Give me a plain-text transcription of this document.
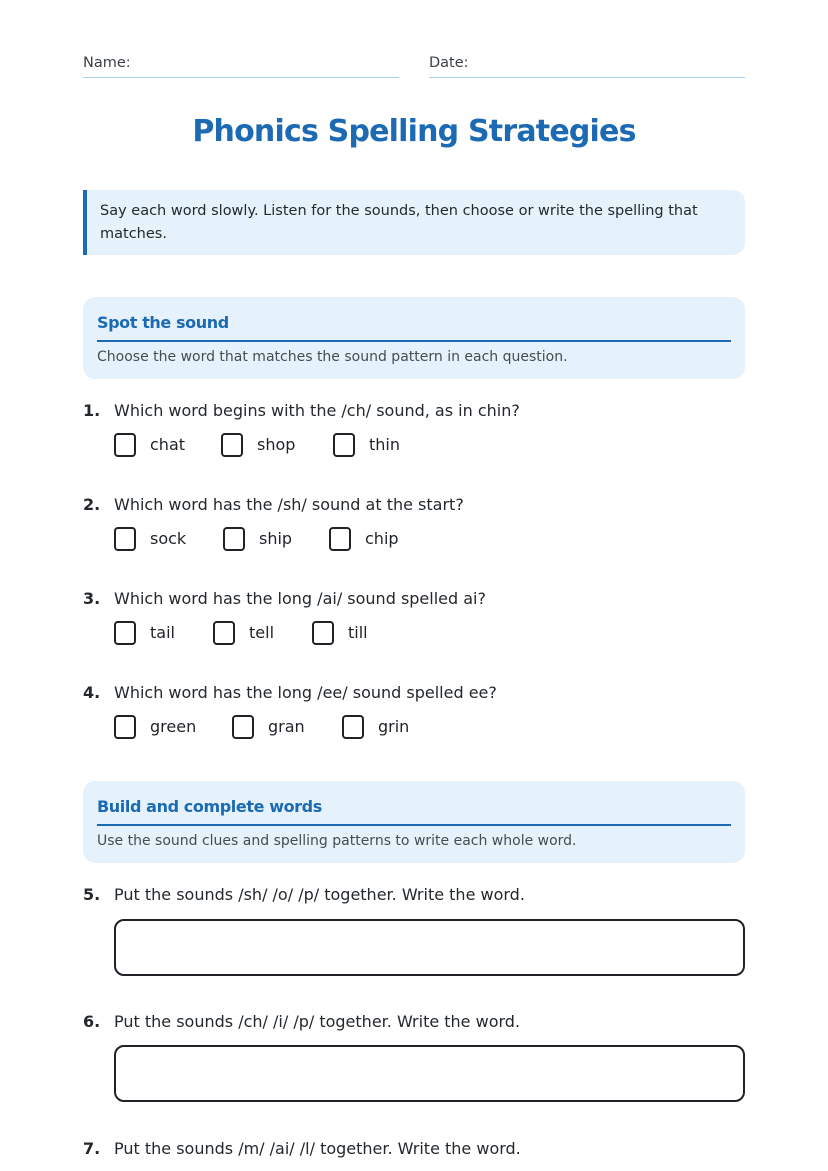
Name:	Date:
Phonics Spelling Strategies
Say each word slowly. Listen for the sounds, then choose or write the spelling that matches.
Spot the sound
Choose the word that matches the sound pattern in each question.
1. Which word begins with the /ch/ sound, as in chin?
chat	shop	thin
2. Which word has the /sh/ sound at the start?
sock	ship	chip
3. Which word has the long /ai/ sound spelled ai?
tail	tell	till
4. Which word has the long /ee/ sound spelled ee?
green	gran	grin
Build and complete words
Use the sound clues and spelling patterns to write each whole word.
5. Put the sounds /sh/ /o/ /p/ together. Write the word.
6. Put the sounds /ch/ /i/ /p/ together. Write the word.
7. Put the sounds /m/ /ai/ /l/ together. Write the word.
